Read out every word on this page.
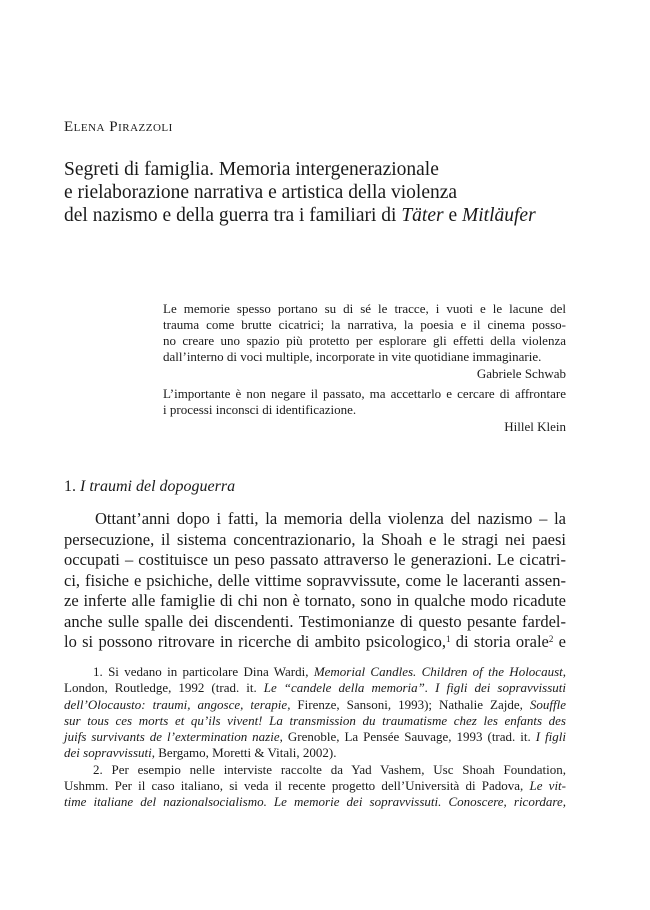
Elena Pirazzoli
Segreti di famiglia. Memoria intergenerazionale
e rielaborazione narrativa e artistica della violenza
del nazismo e della guerra tra i familiari di Täter e Mitläufer

Le memorie spesso portano su di sé le tracce, i vuoti e le lacune del
trauma come brutte cicatrici; la narrativa, la poesia e il cinema posso-
no creare uno spazio più protetto per esplorare gli effetti della violenza
dall’interno di voci multiple, incorporate in vite quotidiane immaginarie.

Gabriele Schwab

L’importante è non negare il passato, ma accettarlo e cercare di affrontare
i processi inconsci di identificazione.

Hillel Klein
1. I traumi del dopoguerra
Ottant’anni dopo i fatti, la memoria della violenza del nazismo – la
persecuzione, il sistema concentrazionario, la Shoah e le stragi nei paesi
occupati – costituisce un peso passato attraverso le generazioni. Le cicatri-
ci, fisiche e psichiche, delle vittime sopravvissute, come le laceranti assen-
ze inferte alle famiglie di chi non è tornato, sono in qualche modo ricadute
anche sulle spalle dei discendenti. Testimonianze di questo pesante fardel-
lo si possono ritrovare in ricerche di ambito psicologico,$^1$ di storia orale$^2$ e
1. Si vedano in particolare Dina Wardi, Memorial Candles. Children of the Holocaust,
London, Routledge, 1992 (trad. it. Le “candele della memoria”. I figli dei sopravvissuti
dell’Olocausto: traumi, angosce, terapie, Firenze, Sansoni, 1993); Nathalie Zajde, Souffle
sur tous ces morts et qu’ils vivent! La transmission du traumatisme chez les enfants des
juifs survivants de l’extermination nazie, Grenoble, La Pensée Sauvage, 1993 (trad. it. I figli
dei sopravvissuti, Bergamo, Moretti & Vitali, 2002).
2. Per esempio nelle interviste raccolte da Yad Vashem, Usc Shoah Foundation,
Ushmm. Per il caso italiano, si veda il recente progetto dell’Università di Padova, Le vit-
time italiane del nazionalsocialismo. Le memorie dei sopravvissuti. Conoscere, ricordare,
